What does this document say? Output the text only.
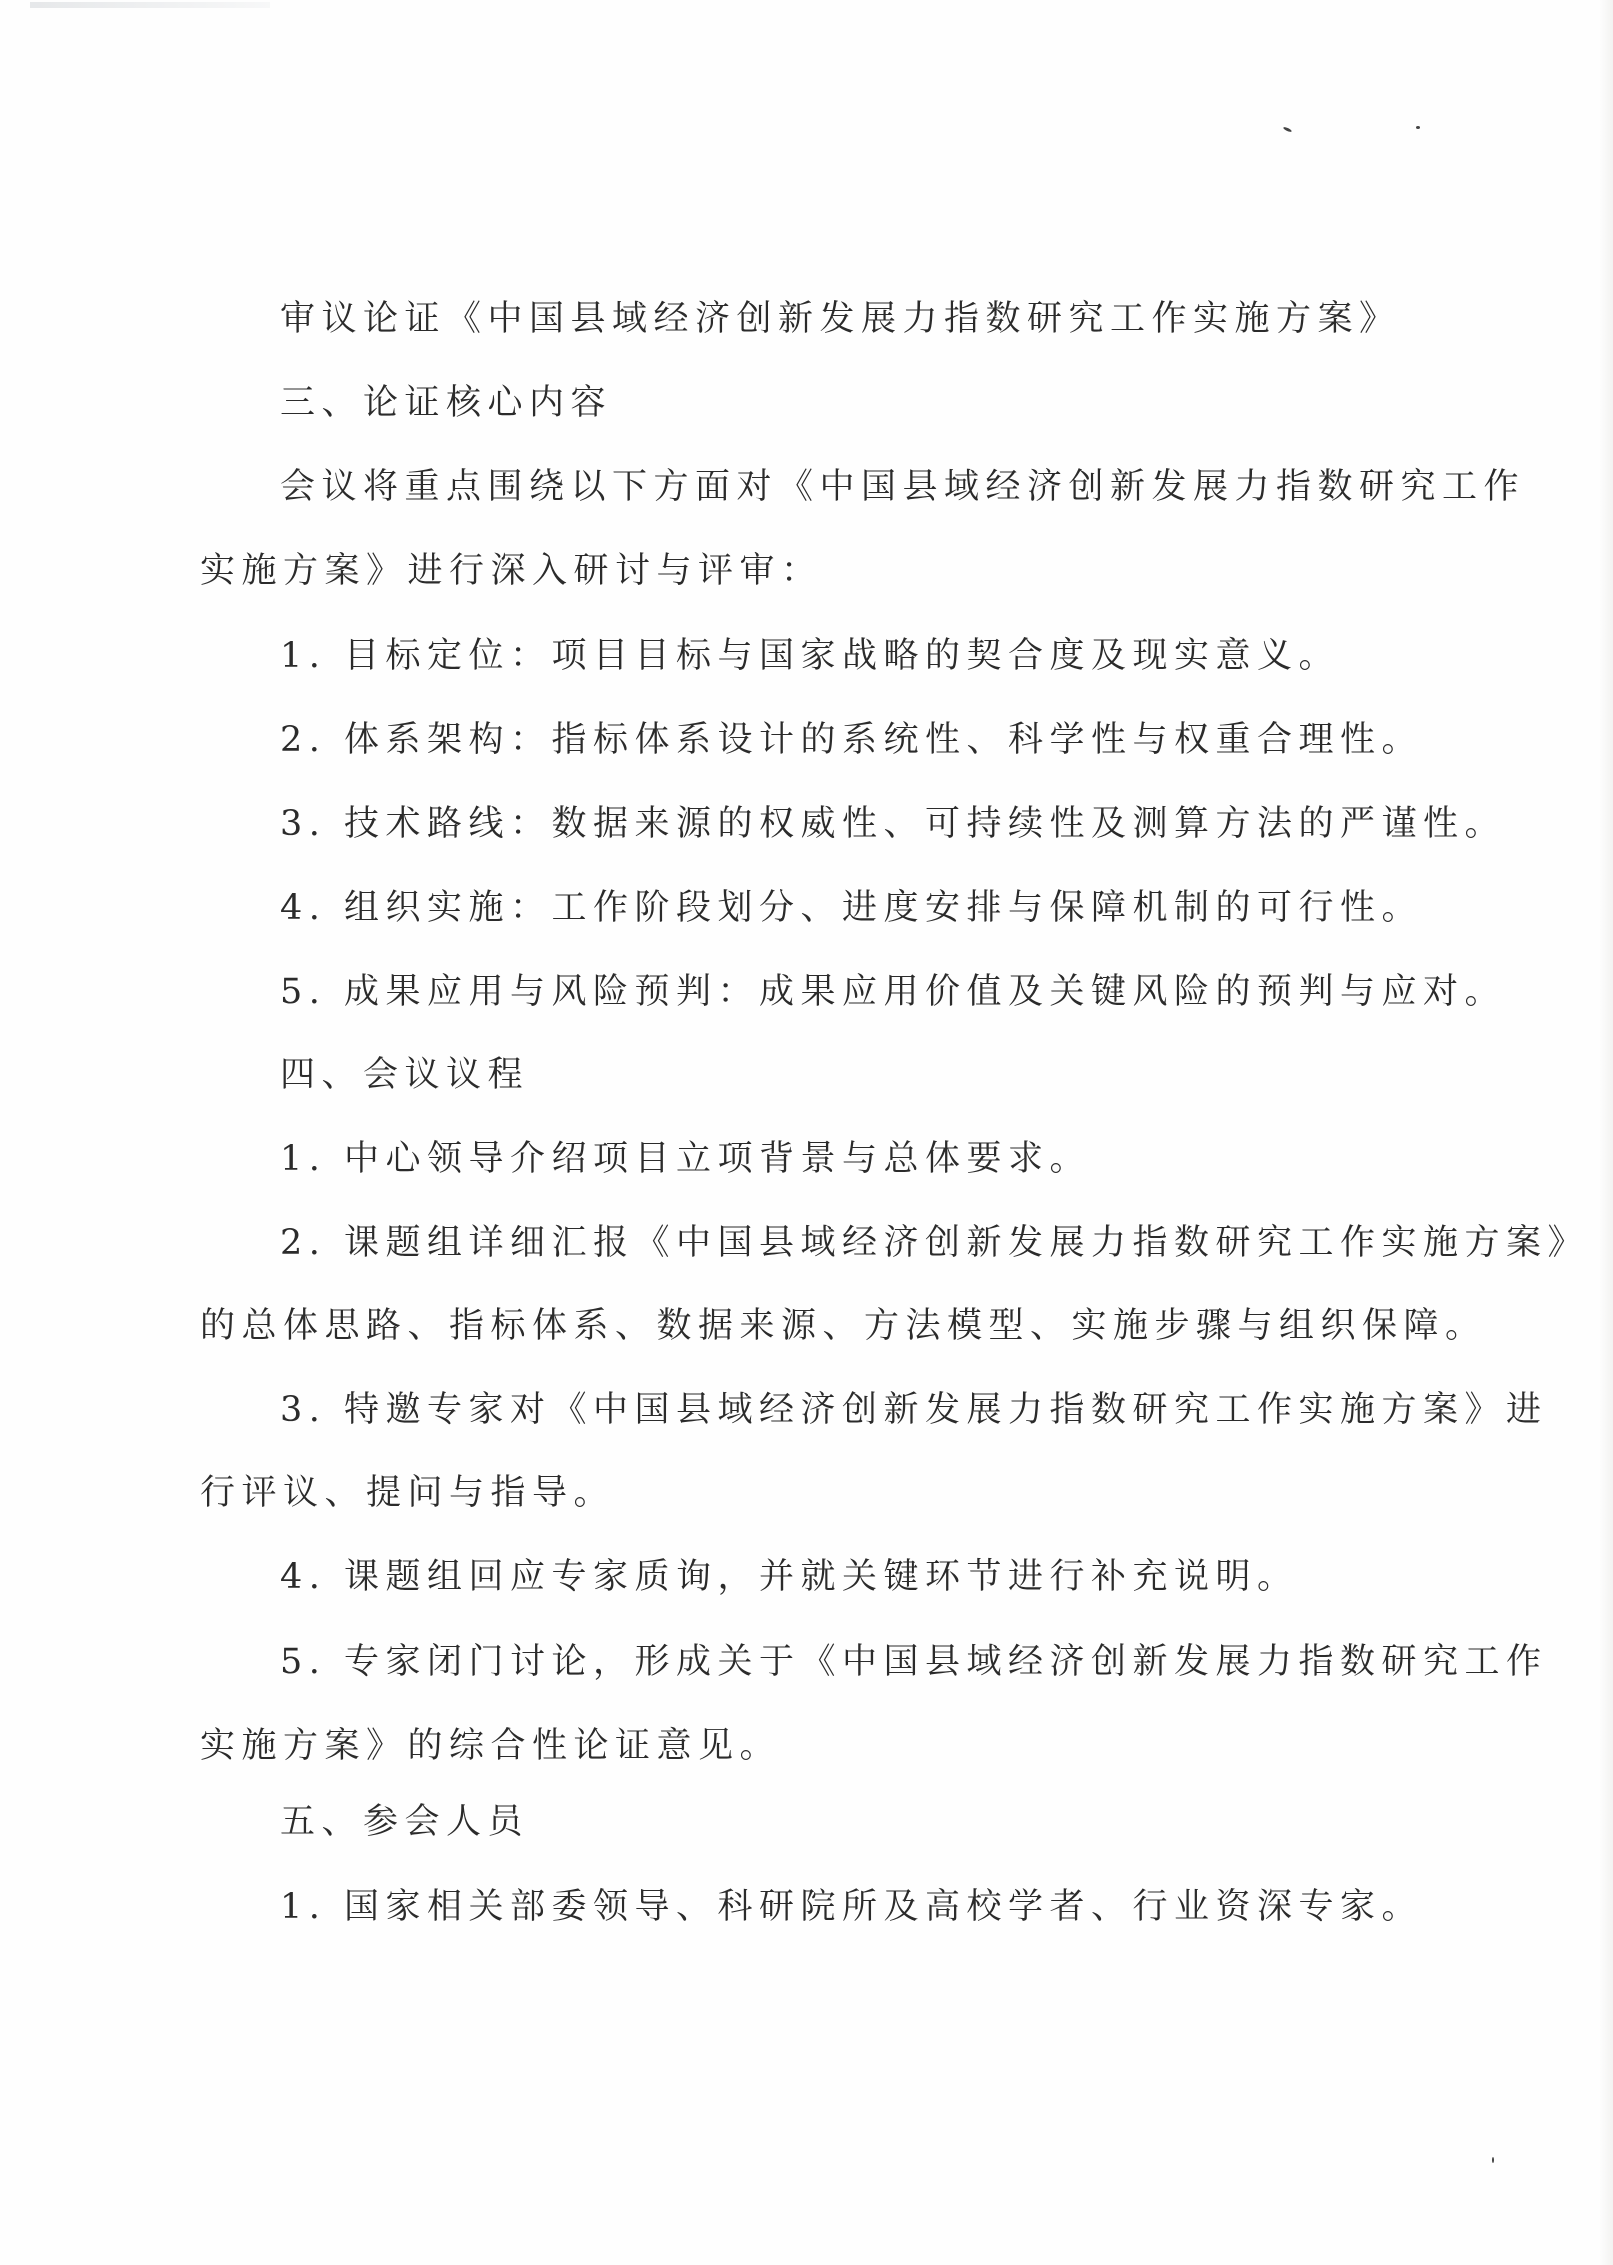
审议论证《中国县域经济创新发展力指数研究工作实施方案》
三、论证核心内容
会议将重点围绕以下方面对《中国县域经济创新发展力指数研究工作
实施方案》进行深入研讨与评审：
1. 目标定位：项目目标与国家战略的契合度及现实意义。
2. 体系架构：指标体系设计的系统性、科学性与权重合理性。
3. 技术路线：数据来源的权威性、可持续性及测算方法的严谨性。
4. 组织实施：工作阶段划分、进度安排与保障机制的可行性。
5. 成果应用与风险预判：成果应用价值及关键风险的预判与应对。
四、会议议程
1. 中心领导介绍项目立项背景与总体要求。
2. 课题组详细汇报《中国县域经济创新发展力指数研究工作实施方案》
的总体思路、指标体系、数据来源、方法模型、实施步骤与组织保障。
3. 特邀专家对《中国县域经济创新发展力指数研究工作实施方案》进
行评议、提问与指导。
4. 课题组回应专家质询，并就关键环节进行补充说明。
5. 专家闭门讨论，形成关于《中国县域经济创新发展力指数研究工作
实施方案》的综合性论证意见。
五、参会人员
1. 国家相关部委领导、科研院所及高校学者、行业资深专家。
